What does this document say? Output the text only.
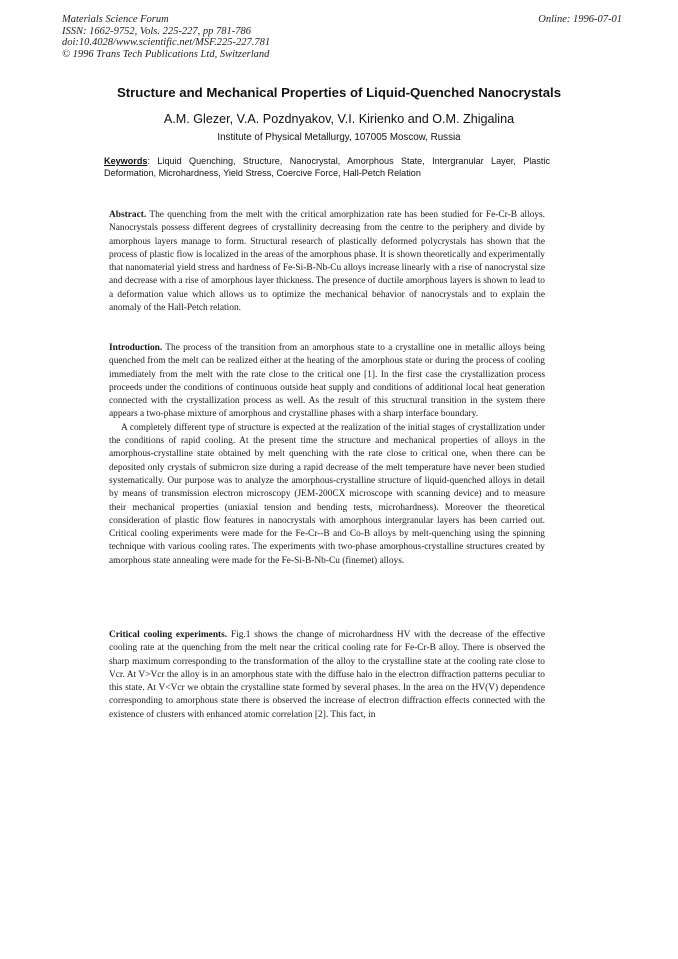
Materials Science Forum
ISSN: 1662-9752, Vols. 225-227, pp 781-786
doi:10.4028/www.scientific.net/MSF.225-227.781
© 1996 Trans Tech Publications Ltd, Switzerland
Online: 1996-07-01
Structure and Mechanical Properties of Liquid-Quenched Nanocrystals
A.M. Glezer, V.A. Pozdnyakov, V.I. Kirienko and O.M. Zhigalina
Institute of Physical Metallurgy, 107005 Moscow, Russia
Keywords: Liquid Quenching, Structure, Nanocrystal, Amorphous State, Intergranular Layer, Plastic Deformation, Microhardness, Yield Stress, Coercive Force, Hall-Petch Relation

Abstract. The quenching from the melt with the critical amorphization rate has been studied for Fe-Cr-B alloys. Nanocrystals possess different degrees of crystallinity decreasing from the centre to the periphery and divide by amorphous layers manage to form. Structural research of plastically deformed polycrystals has shown that the process of plastic flow is localized in the areas of the amorphous phase. It is shown theoretically and experimentally that nanomaterial yield stress and hardness of Fe-Si-B-Nb-Cu alloys increase linearly with a rise of nanocrystal size and decrease with a rise of amorphous layer thickness. The presence of ductile amorphous layers is shown to lead to a deformation value which allows us to optimize the mechanical behavior of nanocrystals and to explain the anomaly of the Hall-Petch relation.

Introduction. The process of the transition from an amorphous state to a crystalline one in metallic alloys being quenched from the melt can be realized either at the heating of the amorphous state or during the process of cooling immediately from the melt with the rate close to the critical one [1]. In the first case the crystallization process proceeds under the conditions of continuous outside heat supply and conditions of additional local heat generation connected with the crystallization process as well. As the result of this structural transition in the system there appears a two-phase mixture of amorphous and crystalline phases with a sharp interface boundary.

A completely different type of structure is expected at the realization of the initial stages of crystallization under the conditions of rapid cooling. At the present time the structure and mechanical properties of alloys in the amorphous-crystalline state obtained by melt quenching with the rate close to critical one, when there can be deposited only crystals of submicron size during a rapid decrease of the melt temperature have never been studied systematically. Our purpose was to analyze the amorphous-crystalline structure of liquid-quenched alloys in detail by means of transmission electron microscopy (JEM-200CX microscope with scanning device) and to measure their mechanical properties (uniaxial tension and bending tests, microhardness). Moreover the theoretical consideration of plastic flow features in nanocrystals with amorphous intergranular layers has been carried out. Critical cooling experiments were made for the Fe-Cr--B and Co-B alloys by melt-quenching using the spinning technique with various cooling rates. The experiments with two-phase amorphous-crystalline structures created by amorphous state annealing were made for the Fe-Si-B-Nb-Cu (finemet) alloys.

Critical cooling experiments. Fig.1 shows the change of microhardness HV with the decrease of the effective cooling rate at the quenching from the melt near the critical cooling rate for Fe-Cr-B alloy. There is observed the sharp maximum corresponding to the transformation of the alloy to the crystalline state at the cooling rate close to Vcr. At V>Vcr the alloy is in an amorphous state with the diffuse halo in the electron diffraction patterns peculiar to this state. At V<Vcr we obtain the crystalline state formed by several phases. In the area on the HV(V) dependence corresponding to amorphous state there is observed the increase of electron diffraction effects connected with the existence of clusters with enhanced atomic correlation [2]. This fact, in
